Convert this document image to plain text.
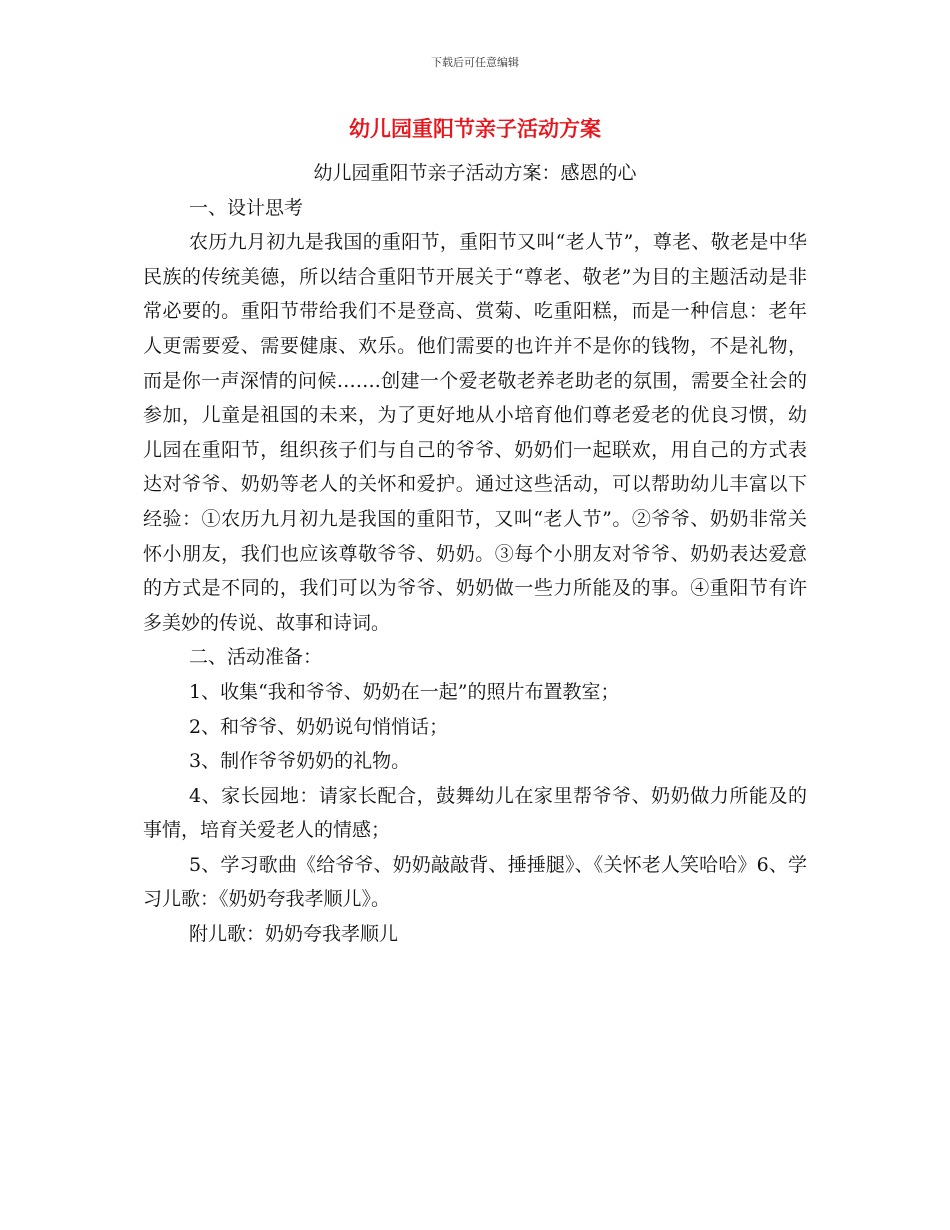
下载后可任意编辑
幼儿园重阳节亲子活动方案

幼儿园重阳节亲子活动方案：感恩的心

一、设计思考

农历九月初九是我国的重阳节，重阳节又叫“老人节”，尊老、敬老是中华民族的传统美德，所以结合重阳节开展关于“尊老、敬老”为目的主题活动是非常必要的。重阳节带给我们不是登高、赏菊、吃重阳糕，而是一种信息：老年人更需要爱、需要健康、欢乐。他们需要的也许并不是你的钱物，不是礼物，而是你一声深情的问候…….创建一个爱老敬老养老助老的氛围，需要全社会的参加，儿童是祖国的未来，为了更好地从小培育他们尊老爱老的优良习惯，幼儿园在重阳节，组织孩子们与自己的爷爷、奶奶们一起联欢，用自己的方式表达对爷爷、奶奶等老人的关怀和爱护。通过这些活动，可以帮助幼儿丰富以下经验：①农历九月初九是我国的重阳节，又叫“老人节”。②爷爷、奶奶非常关怀小朋友，我们也应该尊敬爷爷、奶奶。③每个小朋友对爷爷、奶奶表达爱意的方式是不同的，我们可以为爷爷、奶奶做一些力所能及的事。④重阳节有许多美妙的传说、故事和诗词。

二、活动准备：

1、收集“我和爷爷、奶奶在一起”的照片布置教室；

2、和爷爷、奶奶说句悄悄话；

3、制作爷爷奶奶的礼物。

4、家长园地：请家长配合，鼓舞幼儿在家里帮爷爷、奶奶做力所能及的事情，培育关爱老人的情感；

5、学习歌曲《给爷爷、奶奶敲敲背、捶捶腿》、《关怀老人笑哈哈》6、学习儿歌：《奶奶夸我孝顺儿》。

附儿歌：奶奶夸我孝顺儿
